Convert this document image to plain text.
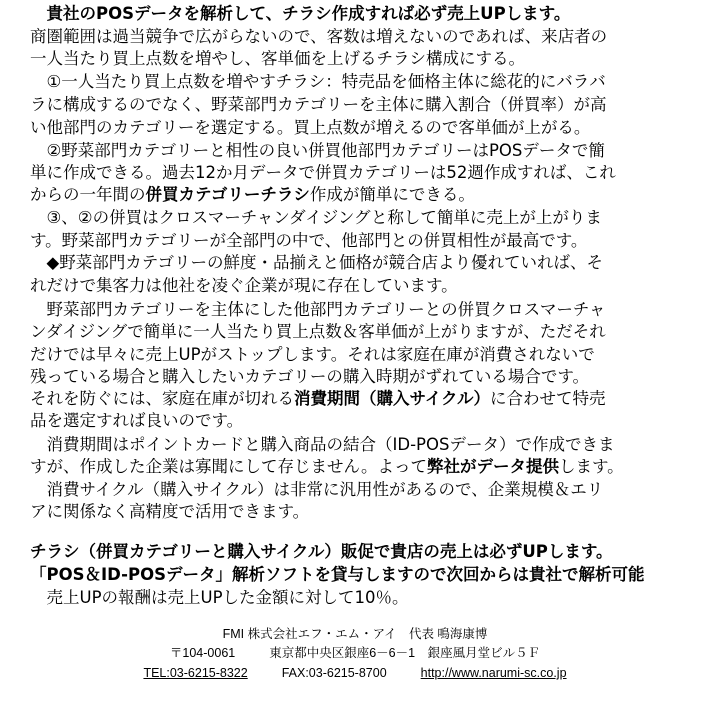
　貴社のPOSデータを解析して、チラシ作成すれば必ず売上UPします。
商圏範囲は過当競争で広がらないので、客数は増えないのであれば、来店者の
一人当たり買上点数を増やし、客単価を上げるチラシ構成にする。
　①一人当たり買上点数を増やすチラシ：特売品を価格主体に総花的にバラバ
ラに構成するのでなく、野菜部門カテゴリーを主体に購入割合（併買率）が高
い他部門のカテゴリーを選定する。買上点数が増えるので客単価が上がる。
　②野菜部門カテゴリーと相性の良い併買他部門カテゴリーはPOSデータで簡
単に作成できる。過去12か月データで併買カテゴリーは52週作成すれば、これ
からの一年間の併買カテゴリーチラシ作成が簡単にできる。
　③、②の併買はクロスマーチャンダイジングと称して簡単に売上が上がりま
す。野菜部門カテゴリーが全部門の中で、他部門との併買相性が最高です。
　◆野菜部門カテゴリーの鮮度・品揃えと価格が競合店より優れていれば、そ
れだけで集客力は他社を凌ぐ企業が現に存在しています。
　野菜部門カテゴリーを主体にした他部門カテゴリーとの併買クロスマーチャ
ンダイジングで簡単に一人当たり買上点数＆客単価が上がりますが、ただそれ
だけでは早々に売上UPがストップします。それは家庭在庫が消費されないで
残っている場合と購入したいカテゴリーの購入時期がずれている場合です。
それを防ぐには、家庭在庫が切れる消費期間（購入サイクル）に合わせて特売
品を選定すれば良いのです。
　消費期間はポイントカードと購入商品の結合（ID-POSデータ）で作成できま
すが、作成した企業は寡聞にして存じません。よって弊社がデータ提供します。
　消費サイクル（購入サイクル）は非常に汎用性があるので、企業規模＆エリ
アに関係なく高精度で活用できます。
チラシ（併買カテゴリーと購入サイクル）販促で貴店の売上は必ずUPします。
「POS＆ID-POSデータ」解析ソフトを貸与しますので次回からは貴社で解析可能
　売上UPの報酬は売上UPした金額に対して10％。
FMI 株式会社エフ・エム・アイ　代表 鳴海康博
〒104-0061	東京都中央区銀座6－6－1　銀座風月堂ビル５Ｆ
TEL:03-6215-8322	FAX:03-6215-8700	http://www.narumi-sc.co.jp
